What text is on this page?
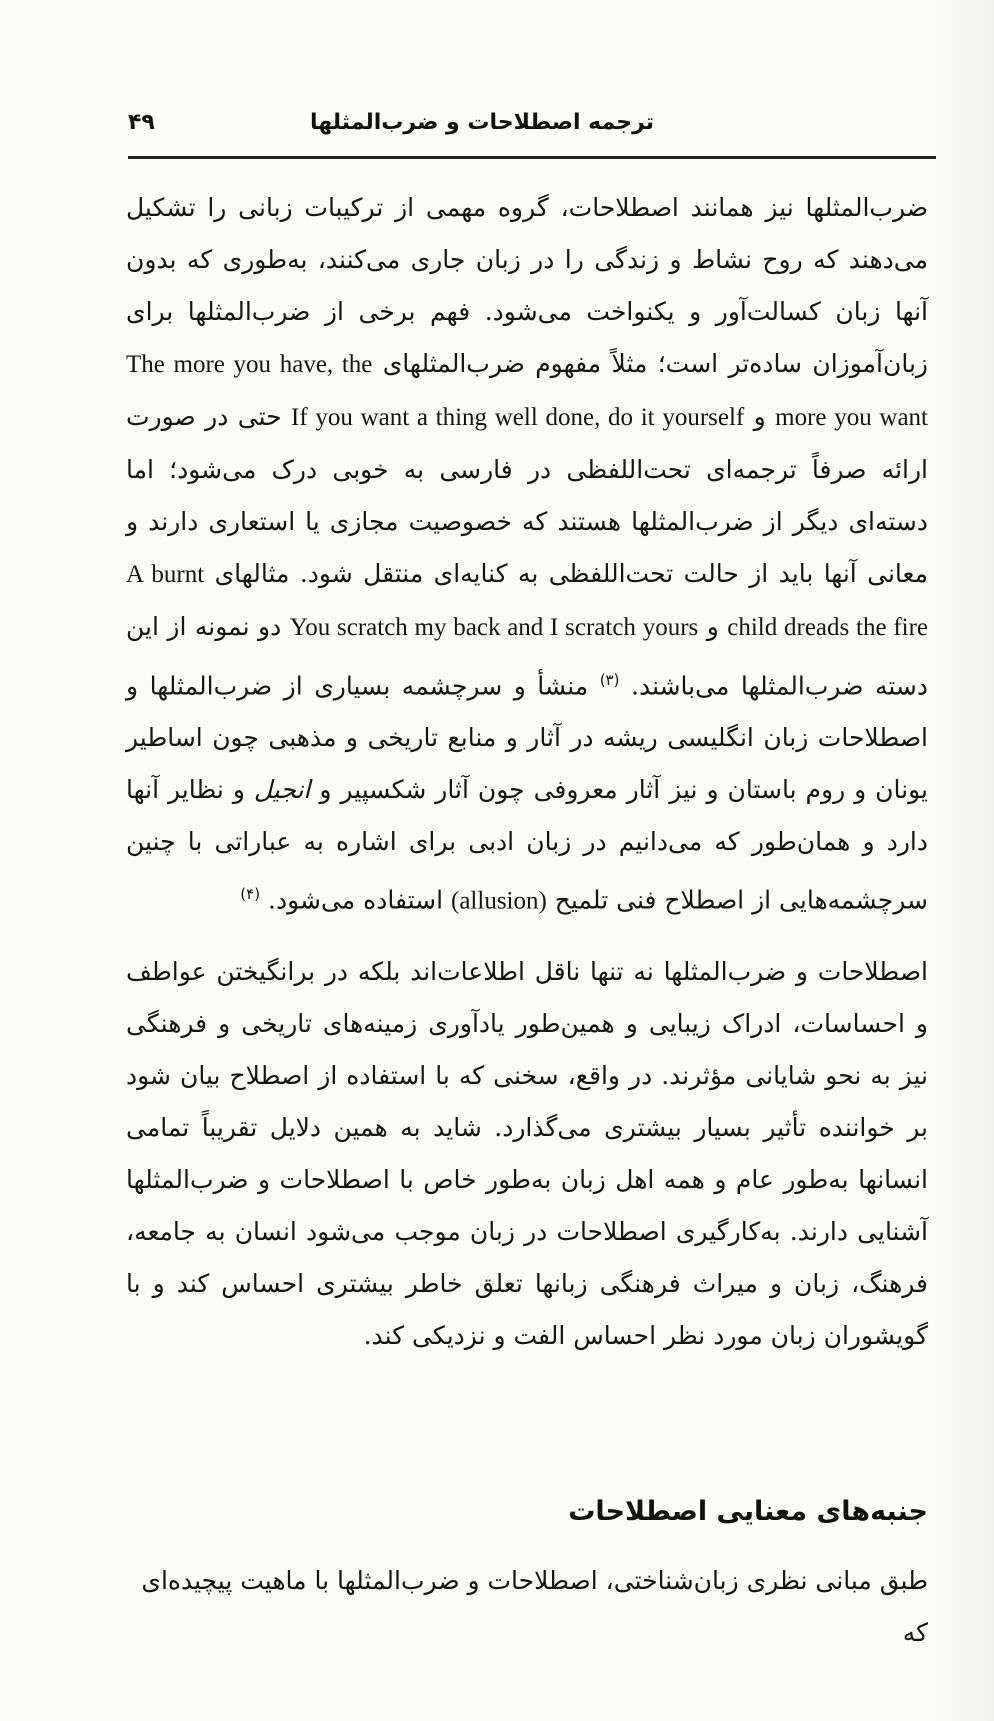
۴۹	ترجمه اصطلاحات و ضرب‌المثلها

ضرب‌المثلها نیز همانند اصطلاحات، گروه مهمی از ترکیبات زبانی را تشکیل می‌دهند که روح نشاط و زندگی را در زبان جاری می‌کنند، به‌طوری که بدون آنها زبان کسالت‌آور و یکنواخت می‌شود. فهم برخی از ضرب‌المثلها برای زبان‌آموزان ساده‌تر است؛ مثلاً مفهوم ضرب‌المثلهای The more you have, the more you want و If you want a thing well done, do it yourself حتی در صورت ارائه صرفاً ترجمه‌ای تحت‌اللفظی در فارسی به خوبی درک می‌شود؛ اما دسته‌ای دیگر از ضرب‌المثلها هستند که خصوصیت مجازی یا استعاری دارند و معانی آنها باید از حالت تحت‌اللفظی به کنایه‌ای منتقل شود. مثالهای A burnt child dreads the fire و You scratch my back and I scratch yours دو نمونه از این دسته ضرب‌المثلها می‌باشند. $^{(۳)}$ منشأ و سرچشمه بسیاری از ضرب‌المثلها و اصطلاحات زبان انگلیسی ریشه در آثار و منابع تاریخی و مذهبی چون اساطیر یونان و روم باستان و نیز آثار معروفی چون آثار شکسپیر و انجیل و نظایر آنها دارد و همان‌طور که می‌دانیم در زبان ادبی برای اشاره به عباراتی با چنین سرچشمه‌هایی از اصطلاح فنی تلمیح (allusion) استفاده می‌شود. $^{(۴)}$

اصطلاحات و ضرب‌المثلها نه تنها ناقل اطلاعات‌اند بلکه در برانگیختن عواطف و احساسات، ادراک زیبایی و همین‌طور یادآوری زمینه‌های تاریخی و فرهنگی نیز به نحو شایانی مؤثرند. در واقع، سخنی که با استفاده از اصطلاح بیان شود بر خواننده تأثیر بسیار بیشتری می‌گذارد. شاید به همین دلایل تقریباً تمامی انسانها به‌طور عام و همه اهل زبان به‌طور خاص با اصطلاحات و ضرب‌المثلها آشنایی دارند. به‌کارگیری اصطلاحات در زبان موجب می‌شود انسان به جامعه، فرهنگ، زبان و میراث فرهنگی زبانها تعلق خاطر بیشتری احساس کند و با گویشوران زبان مورد نظر احساس الفت و نزدیکی کند.

جنبه‌های معنایی اصطلاحات
طبق مبانی نظری زبان‌شناختی، اصطلاحات و ضرب‌المثلها با ماهیت پیچیده‌ای که
